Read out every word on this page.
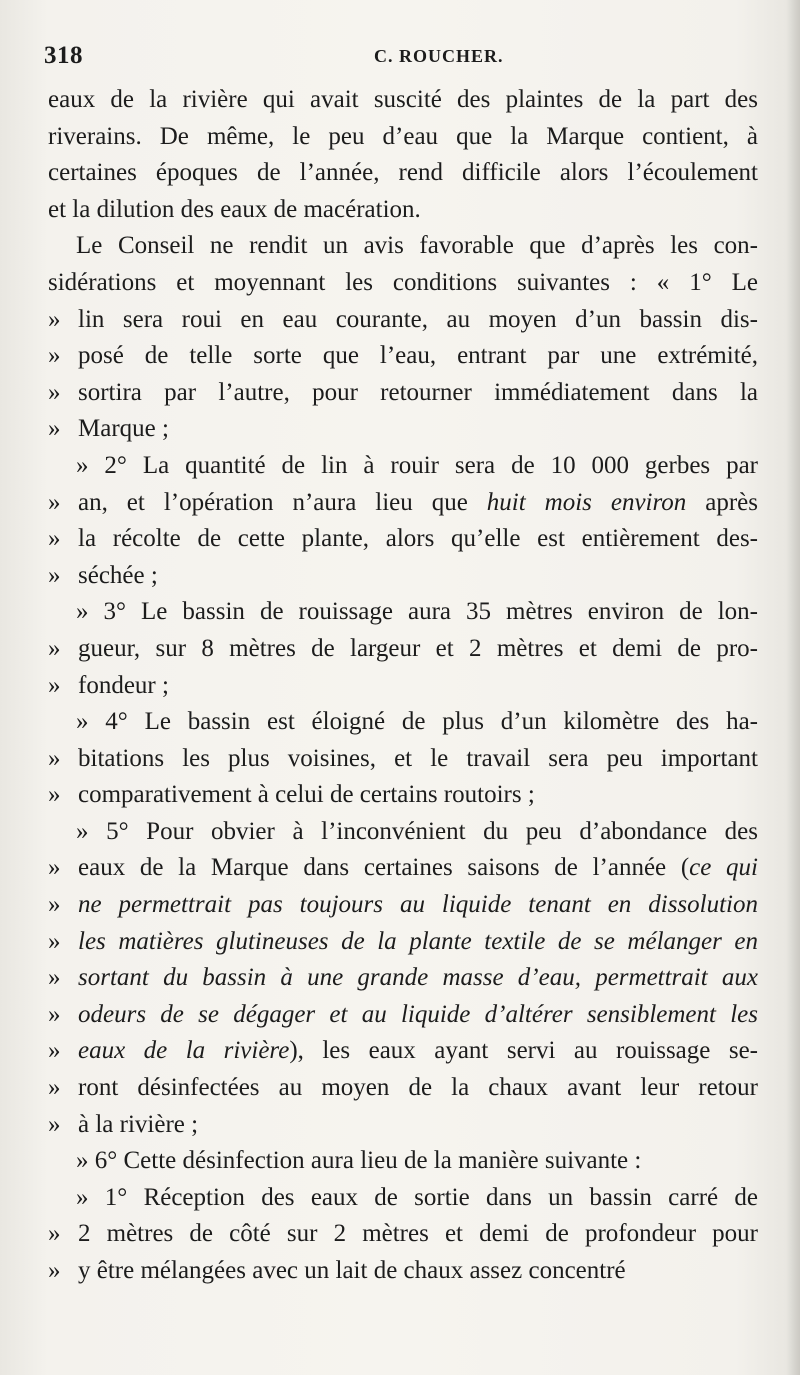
318	C. ROUCHER.
eaux de la rivière qui avait suscité des plaintes de la part des
riverains. De même, le peu d’eau que la Marque contient, à
certaines époques de l’année, rend difficile alors l’écoulement
et la dilution des eaux de macération.
Le Conseil ne rendit un avis favorable que d’après les con-
sidérations et moyennant les conditions suivantes : « 1° Le
» lin sera roui en eau courante, au moyen d’un bassin dis-
» posé de telle sorte que l’eau, entrant par une extrémité,
» sortira par l’autre, pour retourner immédiatement dans la
» Marque ;
» 2° La quantité de lin à rouir sera de 10 000 gerbes par
» an, et l’opération n’aura lieu que huit mois environ après
» la récolte de cette plante, alors qu’elle est entièrement des-
» séchée ;
» 3° Le bassin de rouissage aura 35 mètres environ de lon-
» gueur, sur 8 mètres de largeur et 2 mètres et demi de pro-
» fondeur ;
» 4° Le bassin est éloigné de plus d’un kilomètre des ha-
» bitations les plus voisines, et le travail sera peu important
» comparativement à celui de certains routoirs ;
» 5° Pour obvier à l’inconvénient du peu d’abondance des
» eaux de la Marque dans certaines saisons de l’année (ce qui
» ne permettrait pas toujours au liquide tenant en dissolution
» les matières glutineuses de la plante textile de se mélanger en
» sortant du bassin à une grande masse d’eau, permettrait aux
» odeurs de se dégager et au liquide d’altérer sensiblement les
» eaux de la rivière), les eaux ayant servi au rouissage se-
» ront désinfectées au moyen de la chaux avant leur retour
» à la rivière ;
» 6° Cette désinfection aura lieu de la manière suivante :
» 1° Réception des eaux de sortie dans un bassin carré de
» 2 mètres de côté sur 2 mètres et demi de profondeur pour
» y être mélangées avec un lait de chaux assez concentré
